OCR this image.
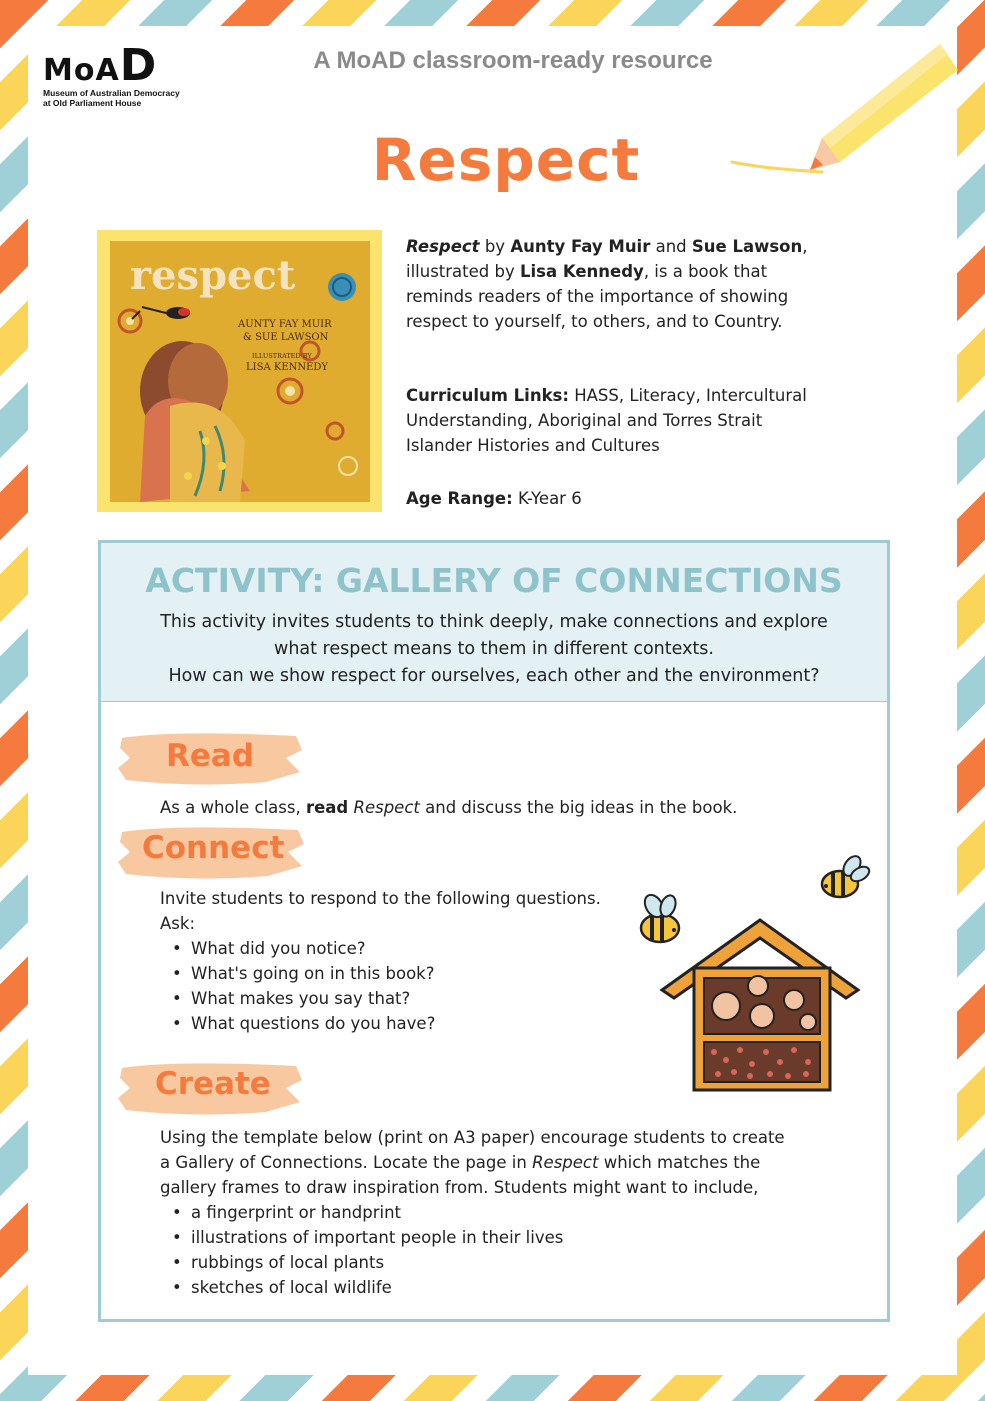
MoAD
Museum of Australian Democracy
at Old Parliament House
A MoAD classroom-ready resource
Respect
respect
AUNTY FAY MUIR
& SUE LAWSON
ILLUSTRATED BY
LISA KENNEDY
Respect by Aunty Fay Muir and Sue Lawson, illustrated by Lisa Kennedy, is a book that reminds readers of the importance of showing respect to yourself, to others, and to Country.
Curriculum Links: HASS, Literacy, Intercultural Understanding, Aboriginal and Torres Strait Islander Histories and Cultures
Age Range: K-Year 6
ACTIVITY: GALLERY OF CONNECTIONS
This activity invites students to think deeply, make connections and explore
what respect means to them in different contexts.
How can we show respect for ourselves, each other and the environment?
Read
As a whole class, read Respect and discuss the big ideas in the book.
Connect
Invite students to respond to the following questions.
Ask:
• What did you notice?
• What's going on in this book?
• What makes you say that?
• What questions do you have?
Create
Using the template below (print on A3 paper) encourage students to create a Gallery of Connections. Locate the page in Respect which matches the gallery frames to draw inspiration from. Students might want to include,
• a fingerprint or handprint
• illustrations of important people in their lives
• rubbings of local plants
• sketches of local wildlife
